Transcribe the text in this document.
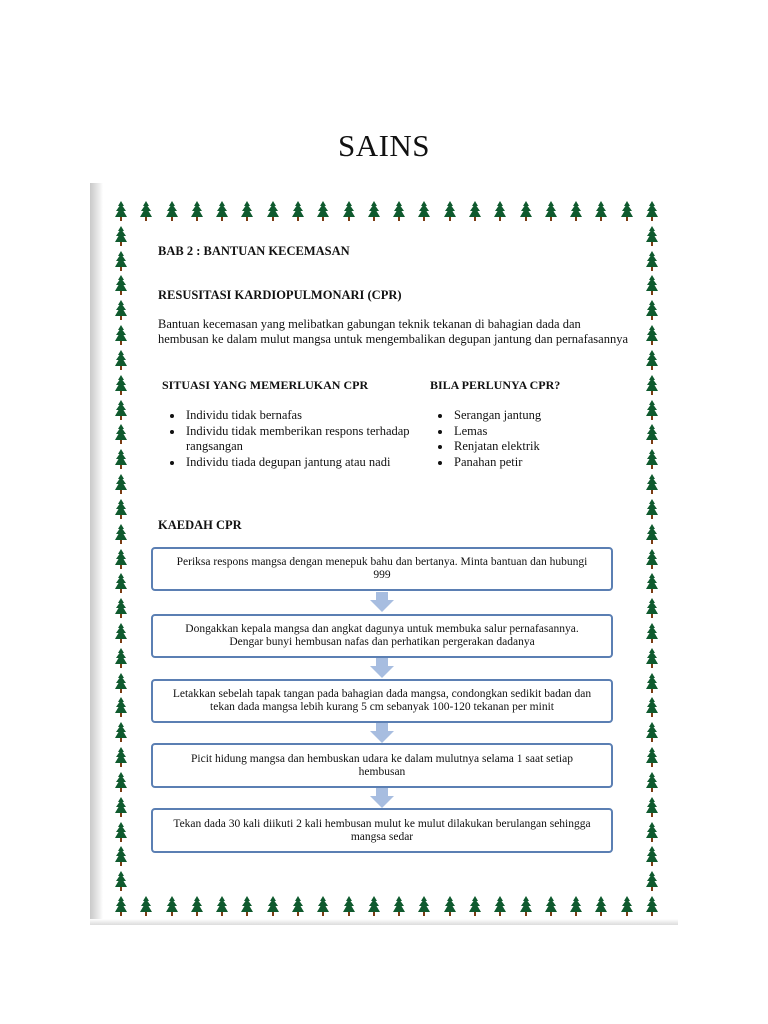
SAINS
BAB 2 : BANTUAN KECEMASAN
RESUSITASI KARDIOPULMONARI (CPR)
Bantuan kecemasan yang melibatkan gabungan teknik tekanan di bahagian dada dan hembusan ke dalam mulut mangsa untuk mengembalikan degupan jantung dan pernafasannya
SITUASI YANG MEMERLUKAN CPR
• Individu tidak bernafas
• Individu tidak memberikan respons terhadap rangsangan
• Individu tiada degupan jantung atau nadi
BILA PERLUNYA CPR?
• Serangan jantung
• Lemas
• Renjatan elektrik
• Panahan petir
KAEDAH CPR
Periksa respons mangsa dengan menepuk bahu dan bertanya. Minta bantuan dan hubungi 999
Dongakkan kepala mangsa dan angkat dagunya untuk membuka salur pernafasannya. Dengar bunyi hembusan nafas dan perhatikan pergerakan dadanya
Letakkan sebelah tapak tangan pada bahagian dada mangsa, condongkan sedikit badan dan tekan dada mangsa lebih kurang 5 cm sebanyak 100-120 tekanan per minit
Picit hidung mangsa dan hembuskan udara ke dalam mulutnya selama 1 saat setiap hembusan
Tekan dada 30 kali diikuti 2 kali hembusan mulut ke mulut dilakukan berulangan sehingga mangsa sedar
